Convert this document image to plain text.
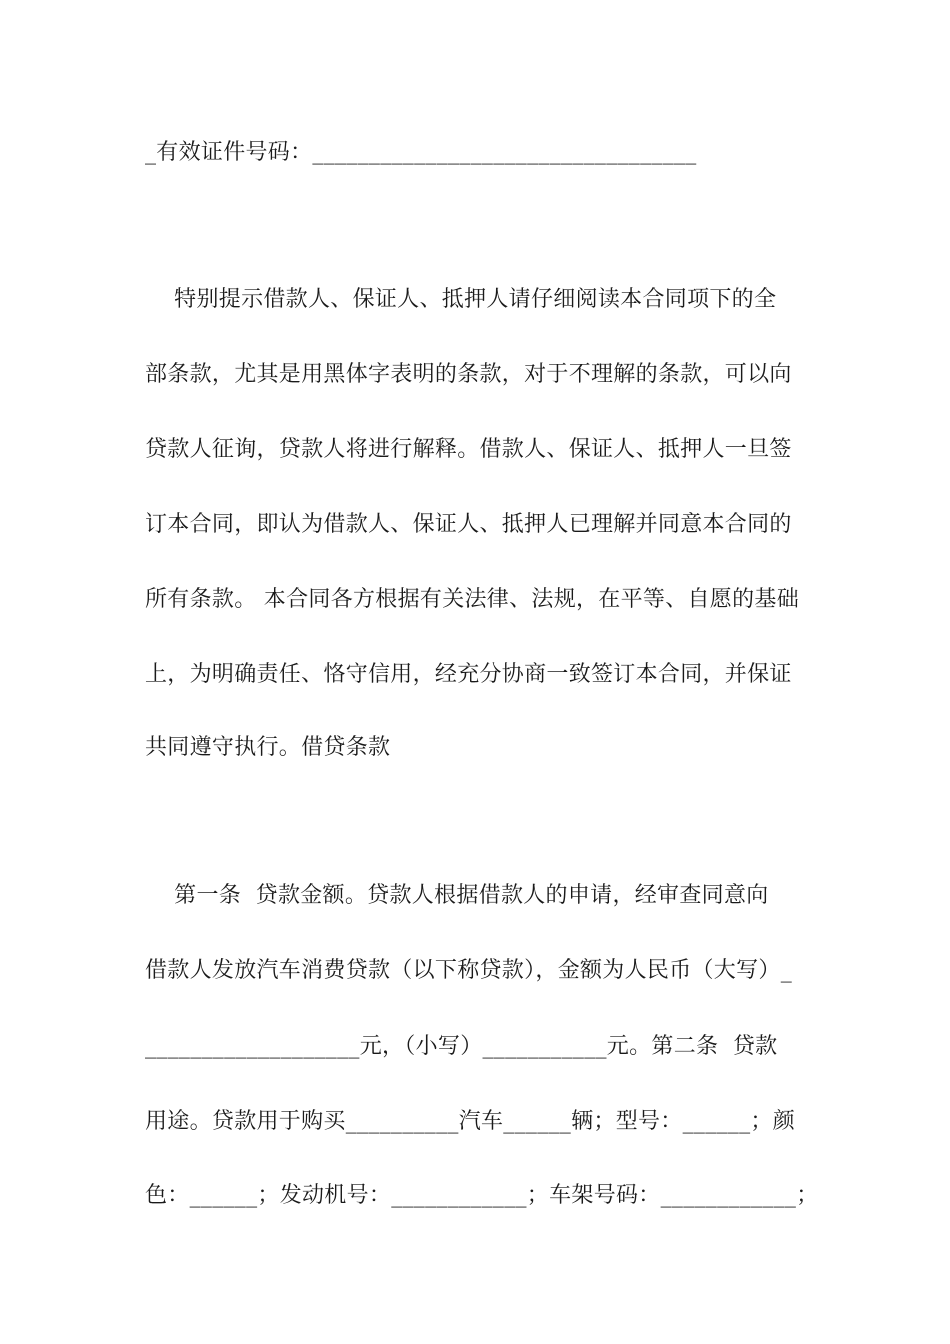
_有效证件号码：__________________________________
特别提示借款人、保证人、抵押人请仔细阅读本合同项下的全
部条款，尤其是用黑体字表明的条款，对于不理解的条款，可以向
贷款人征询，贷款人将进行解释。借款人、保证人、抵押人一旦签
订本合同，即认为借款人、保证人、抵押人已理解并同意本合同的
所有条款。 本合同各方根据有关法律、法规，在平等、自愿的基础
上，为明确责任、恪守信用，经充分协商一致签订本合同，并保证
共同遵守执行。借贷条款
第一条  贷款金额。贷款人根据借款人的申请，经审查同意向
借款人发放汽车消费贷款（以下称贷款），金额为人民币（大写）_
___________________元，（小写）___________元。第二条  贷款
用途。贷款用于购买__________汽车______辆；型号：______；颜
色：______；发动机号：____________；车架号码：____________；
